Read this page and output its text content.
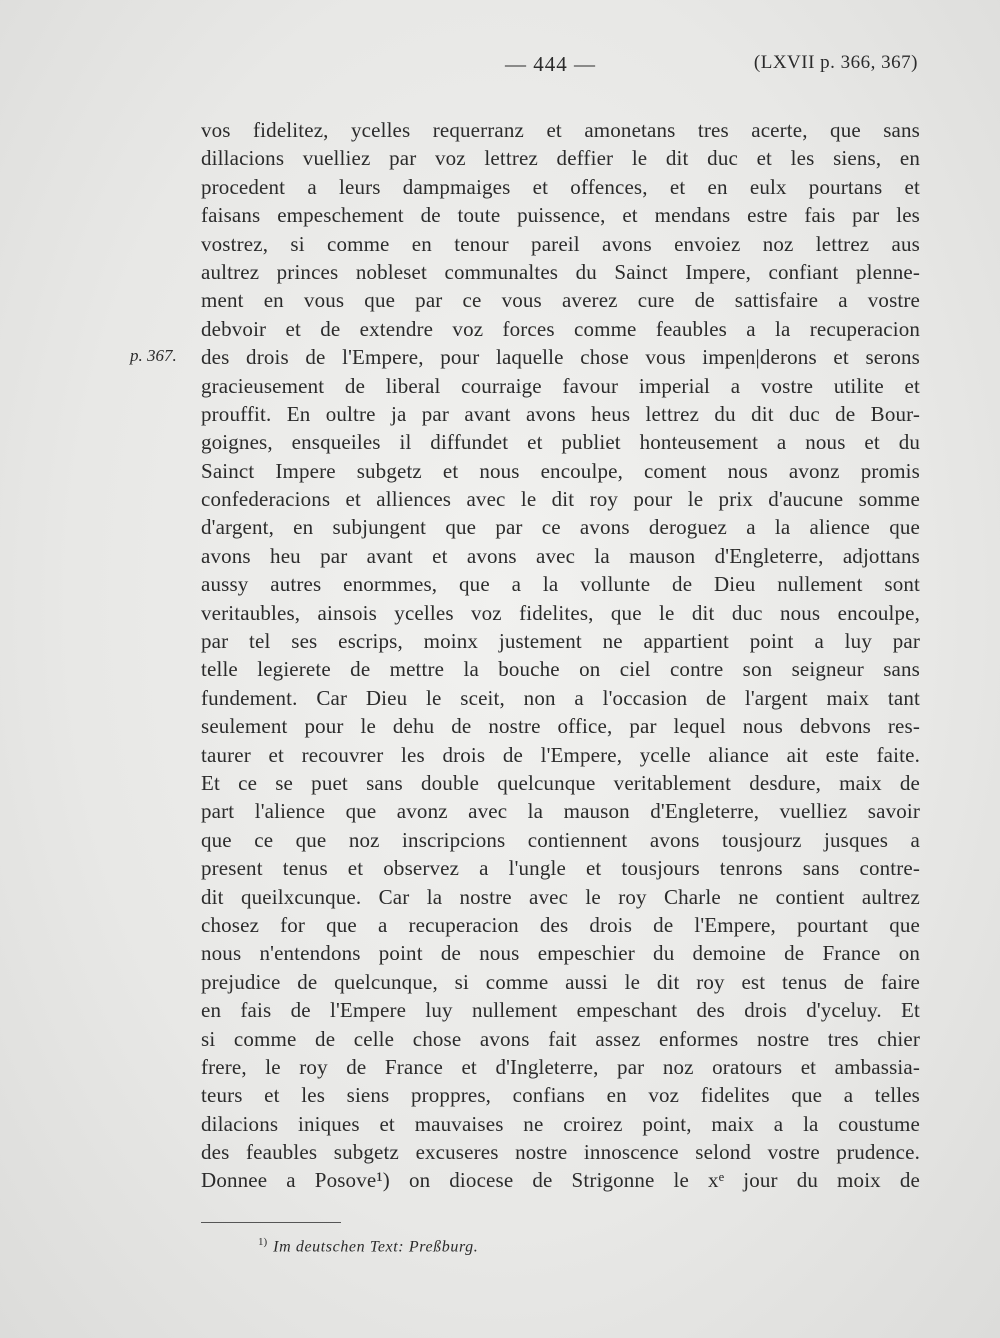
— 444 —	(LXVII p. 366, 367)
p. 367.
vos fidelitez, ycelles requerranz et amonetans tres acerte, que sans
dillacions vuelliez par voz lettrez deffier le dit duc et les siens, en
procedent a leurs dampmaiges et offences, et en eulx pourtans et
faisans empeschement de toute puissence, et mendans estre fais par les
vostrez, si comme en tenour pareil avons envoiez noz lettrez aus
aultrez princes nobleset communaltes du Sainct Impere, confiant plenne-
ment en vous que par ce vous averez cure de sattisfaire a vostre
debvoir et de extendre voz forces comme feaubles a la recuperacion
des drois de l'Empere, pour laquelle chose vous impen|derons et serons
gracieusement de liberal courraige favour imperial a vostre utilite et
prouffit. En oultre ja par avant avons heus lettrez du dit duc de Bour-
goignes, ensqueiles il diffundet et publiet honteusement a nous et du
Sainct Impere subgetz et nous encoulpe, coment nous avonz promis
confederacions et alliences avec le dit roy pour le prix d'aucune somme
d'argent, en subjungent que par ce avons deroguez a la alience que
avons heu par avant et avons avec la mauson d'Engleterre, adjottans
aussy autres enormmes, que a la vollunte de Dieu nullement sont
veritaubles, ainsois ycelles voz fidelites, que le dit duc nous encoulpe,
par tel ses escrips, moinx justement ne appartient point a luy par
telle legierete de mettre la bouche on ciel contre son seigneur sans
fundement. Car Dieu le sceit, non a l'occasion de l'argent maix tant
seulement pour le dehu de nostre office, par lequel nous debvons res-
taurer et recouvrer les drois de l'Empere, ycelle aliance ait este faite.
Et ce se puet sans double quelcunque veritablement desdure, maix de
part l'alience que avonz avec la mauson d'Engleterre, vuelliez savoir
que ce que noz inscripcions contiennent avons tousjourz jusques a
present tenus et observez a l'ungle et tousjours tenrons sans contre-
dit queilxcunque. Car la nostre avec le roy Charle ne contient aultrez
chosez for que a recuperacion des drois de l'Empere, pourtant que
nous n'entendons point de nous empeschier du demoine de France on
prejudice de quelcunque, si comme aussi le dit roy est tenus de faire
en fais de l'Empere luy nullement empeschant des drois d'yceluy. Et
si comme de celle chose avons fait assez enformes nostre tres chier
frere, le roy de France et d'Ingleterre, par noz oratours et ambassia-
teurs et les siens proppres, confians en voz fidelites que a telles
dilacions iniques et mauvaises ne croirez point, maix a la coustume
des feaubles subgetz excuseres nostre innoscence selond vostre prudence.
Donnee a Posove¹) on diocese de Strigonne le xᵉ jour du moix de
$^{1)}$ Im deutschen Text: Preßburg.
